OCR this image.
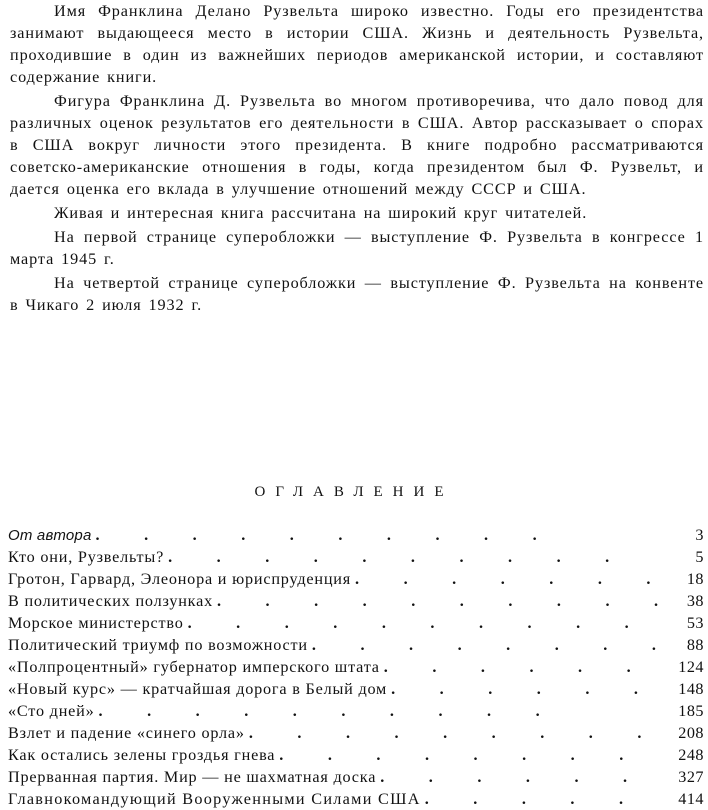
Имя Франклина Делано Рузвельта широко известно. Годы его президентства занимают выдающееся место в истории США. Жизнь и деятельность Рузвельта, проходившие в один из важнейших периодов американской истории, и составляют содержание книги.

Фигура Франклина Д. Рузвельта во многом противоречива, что дало повод для различных оценок результатов его деятельности в США. Автор рассказывает о спорах в США вокруг личности этого президента. В книге подробно рассматриваются советско-американские отношения в годы, когда президентом был Ф. Рузвельт, и дается оценка его вклада в улучшение отношений между СССР и США.

Живая и интересная книга рассчитана на широкий круг читателей.

На первой странице суперобложки — выступление Ф. Рузвельта в конгрессе 1 марта 1945 г.

На четвертой странице суперобложки — выступление Ф. Рузвельта на конвенте в Чикаго 2 июля 1932 г.

ОГЛАВЛЕНИЕ
От автора .	3
Кто они, Рузвельты? .	5
Гротон, Гарвард, Элеонора и юриспруденция .	18
В политических ползунках .	38
Морское министерство .	53
Политический триумф по возможности .	88
«Полпроцентный» губернатор имперского штата .	124
«Новый курс» — кратчайшая дорога в Белый дом .	148
«Сто дней» .	185
Взлет и падение «синего орла» .	208
Как остались зелены гроздья гнева .	248
Прерванная партия. Мир — не шахматная доска .	327
Главнокомандующий Вооруженными Силами США .	414
